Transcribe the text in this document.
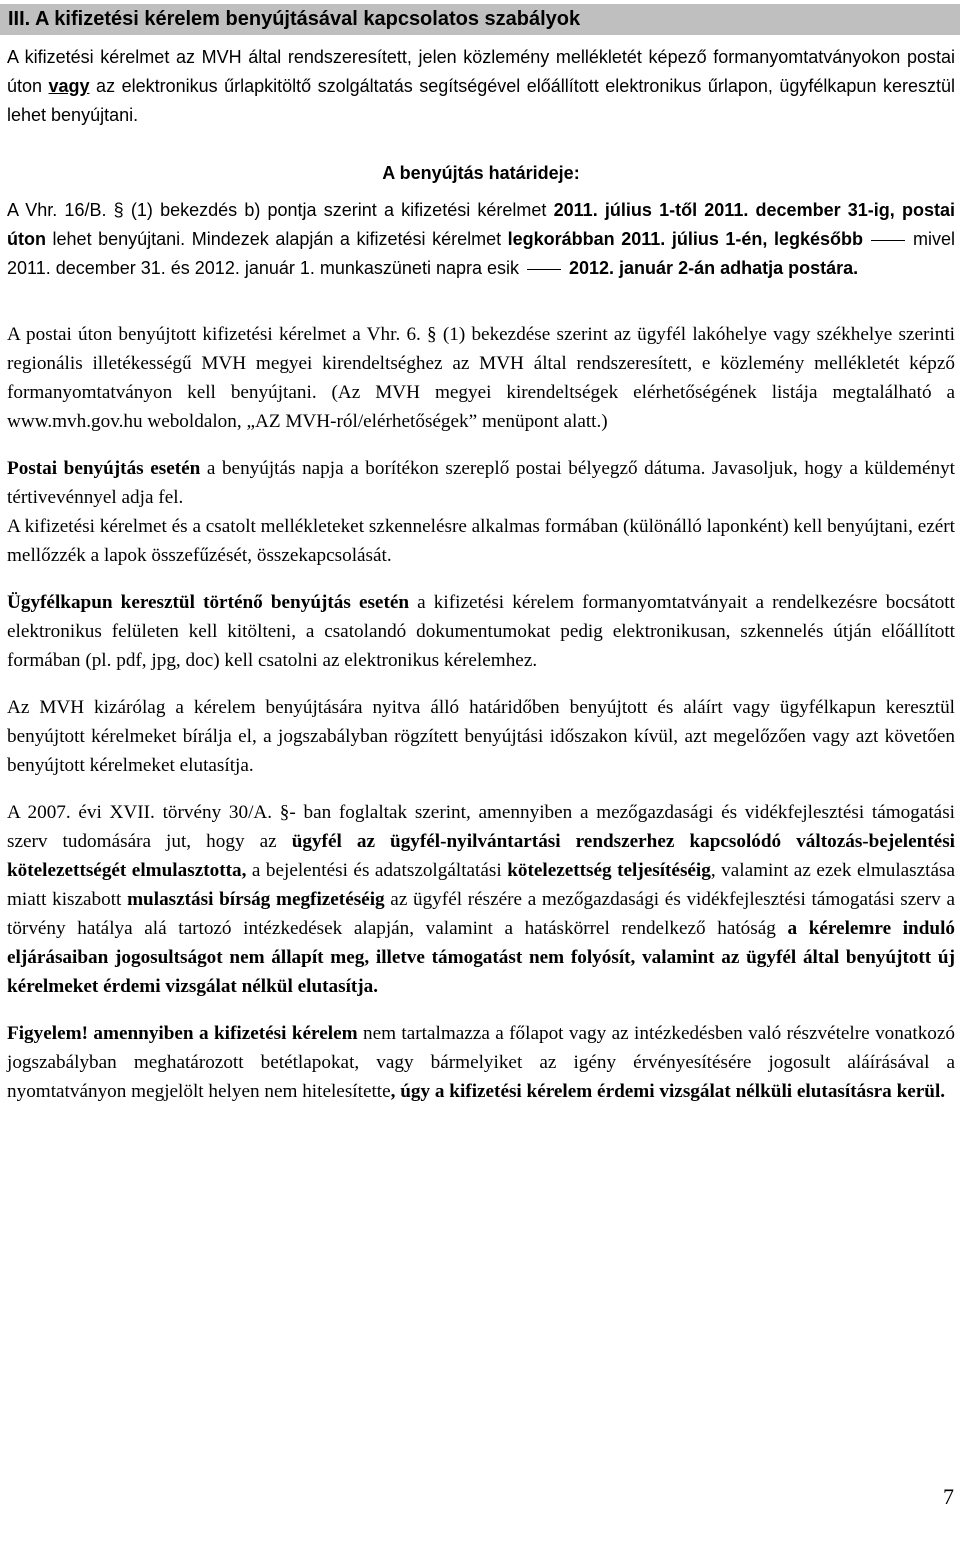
III. A kifizetési kérelem benyújtásával kapcsolatos szabályok

A kifizetési kérelmet az MVH által rendszeresített, jelen közlemény mellékletét képező formanyomtatványokon postai úton vagy az elektronikus űrlapkitöltő szolgáltatás segítségével előállított elektronikus űrlapon, ügyfélkapun keresztül lehet benyújtani.

A benyújtás határideje:

A Vhr. 16/B. § (1) bekezdés b) pontja szerint a kifizetési kérelmet 2011. július 1-től 2011. december 31-ig, postai úton lehet benyújtani. Mindezek alapján a kifizetési kérelmet legkorábban 2011. július 1-én, legkésőbb	mivel 2011. december 31. és 2012. január 1. munkaszüneti napra esik	2012. január 2-án adhatja postára.

A postai úton benyújtott kifizetési kérelmet a Vhr. 6. § (1) bekezdése szerint az ügyfél lakóhelye vagy székhelye szerinti regionális illetékességű MVH megyei kirendeltséghez az MVH által rendszeresített, e közlemény mellékletét képző formanyomtatványon kell benyújtani. (Az MVH megyei kirendeltségek elérhetőségének listája megtalálható a www.mvh.gov.hu weboldalon, „AZ MVH-ról/elérhetőségek” menüpont alatt.)

Postai benyújtás esetén a benyújtás napja a borítékon szereplő postai bélyegző dátuma. Javasoljuk, hogy a küldeményt tértivevénnyel adja fel.

A kifizetési kérelmet és a csatolt mellékleteket szkennelésre alkalmas formában (különálló laponként) kell benyújtani, ezért mellőzzék a lapok összefűzését, összekapcsolását.

Ügyfélkapun keresztül történő benyújtás esetén a kifizetési kérelem formanyomtatványait a rendelkezésre bocsátott elektronikus felületen kell kitölteni, a csatolandó dokumentumokat pedig elektronikusan, szkennelés útján előállított formában (pl. pdf, jpg, doc) kell csatolni az elektronikus kérelemhez.

Az MVH kizárólag a kérelem benyújtására nyitva álló határidőben benyújtott és aláírt vagy ügyfélkapun keresztül benyújtott kérelmeket bírálja el, a jogszabályban rögzített benyújtási időszakon kívül, azt megelőzően vagy azt követően benyújtott kérelmeket elutasítja.

A 2007. évi XVII. törvény 30/A. §- ban foglaltak szerint, amennyiben a mezőgazdasági és vidékfejlesztési támogatási szerv tudomására jut, hogy az ügyfél az ügyfél-nyilvántartási rendszerhez kapcsolódó változás-bejelentési kötelezettségét elmulasztotta, a bejelentési és adatszolgáltatási kötelezettség teljesítéséig, valamint az ezek elmulasztása miatt kiszabott mulasztási bírság megfizetéséig az ügyfél részére a mezőgazdasági és vidékfejlesztési támogatási szerv a törvény hatálya alá tartozó intézkedések alapján, valamint a hatáskörrel rendelkező hatóság a kérelemre induló eljárásaiban jogosultságot nem állapít meg, illetve támogatást nem folyósít, valamint az ügyfél által benyújtott új kérelmeket érdemi vizsgálat nélkül elutasítja.

Figyelem! amennyiben a kifizetési kérelem nem tartalmazza a főlapot vagy az intézkedésben való részvételre vonatkozó jogszabályban meghatározott betétlapokat, vagy bármelyiket az igény érvényesítésére jogosult aláírásával a nyomtatványon megjelölt helyen nem hitelesítette, úgy a kifizetési kérelem érdemi vizsgálat nélküli elutasításra kerül.

7
